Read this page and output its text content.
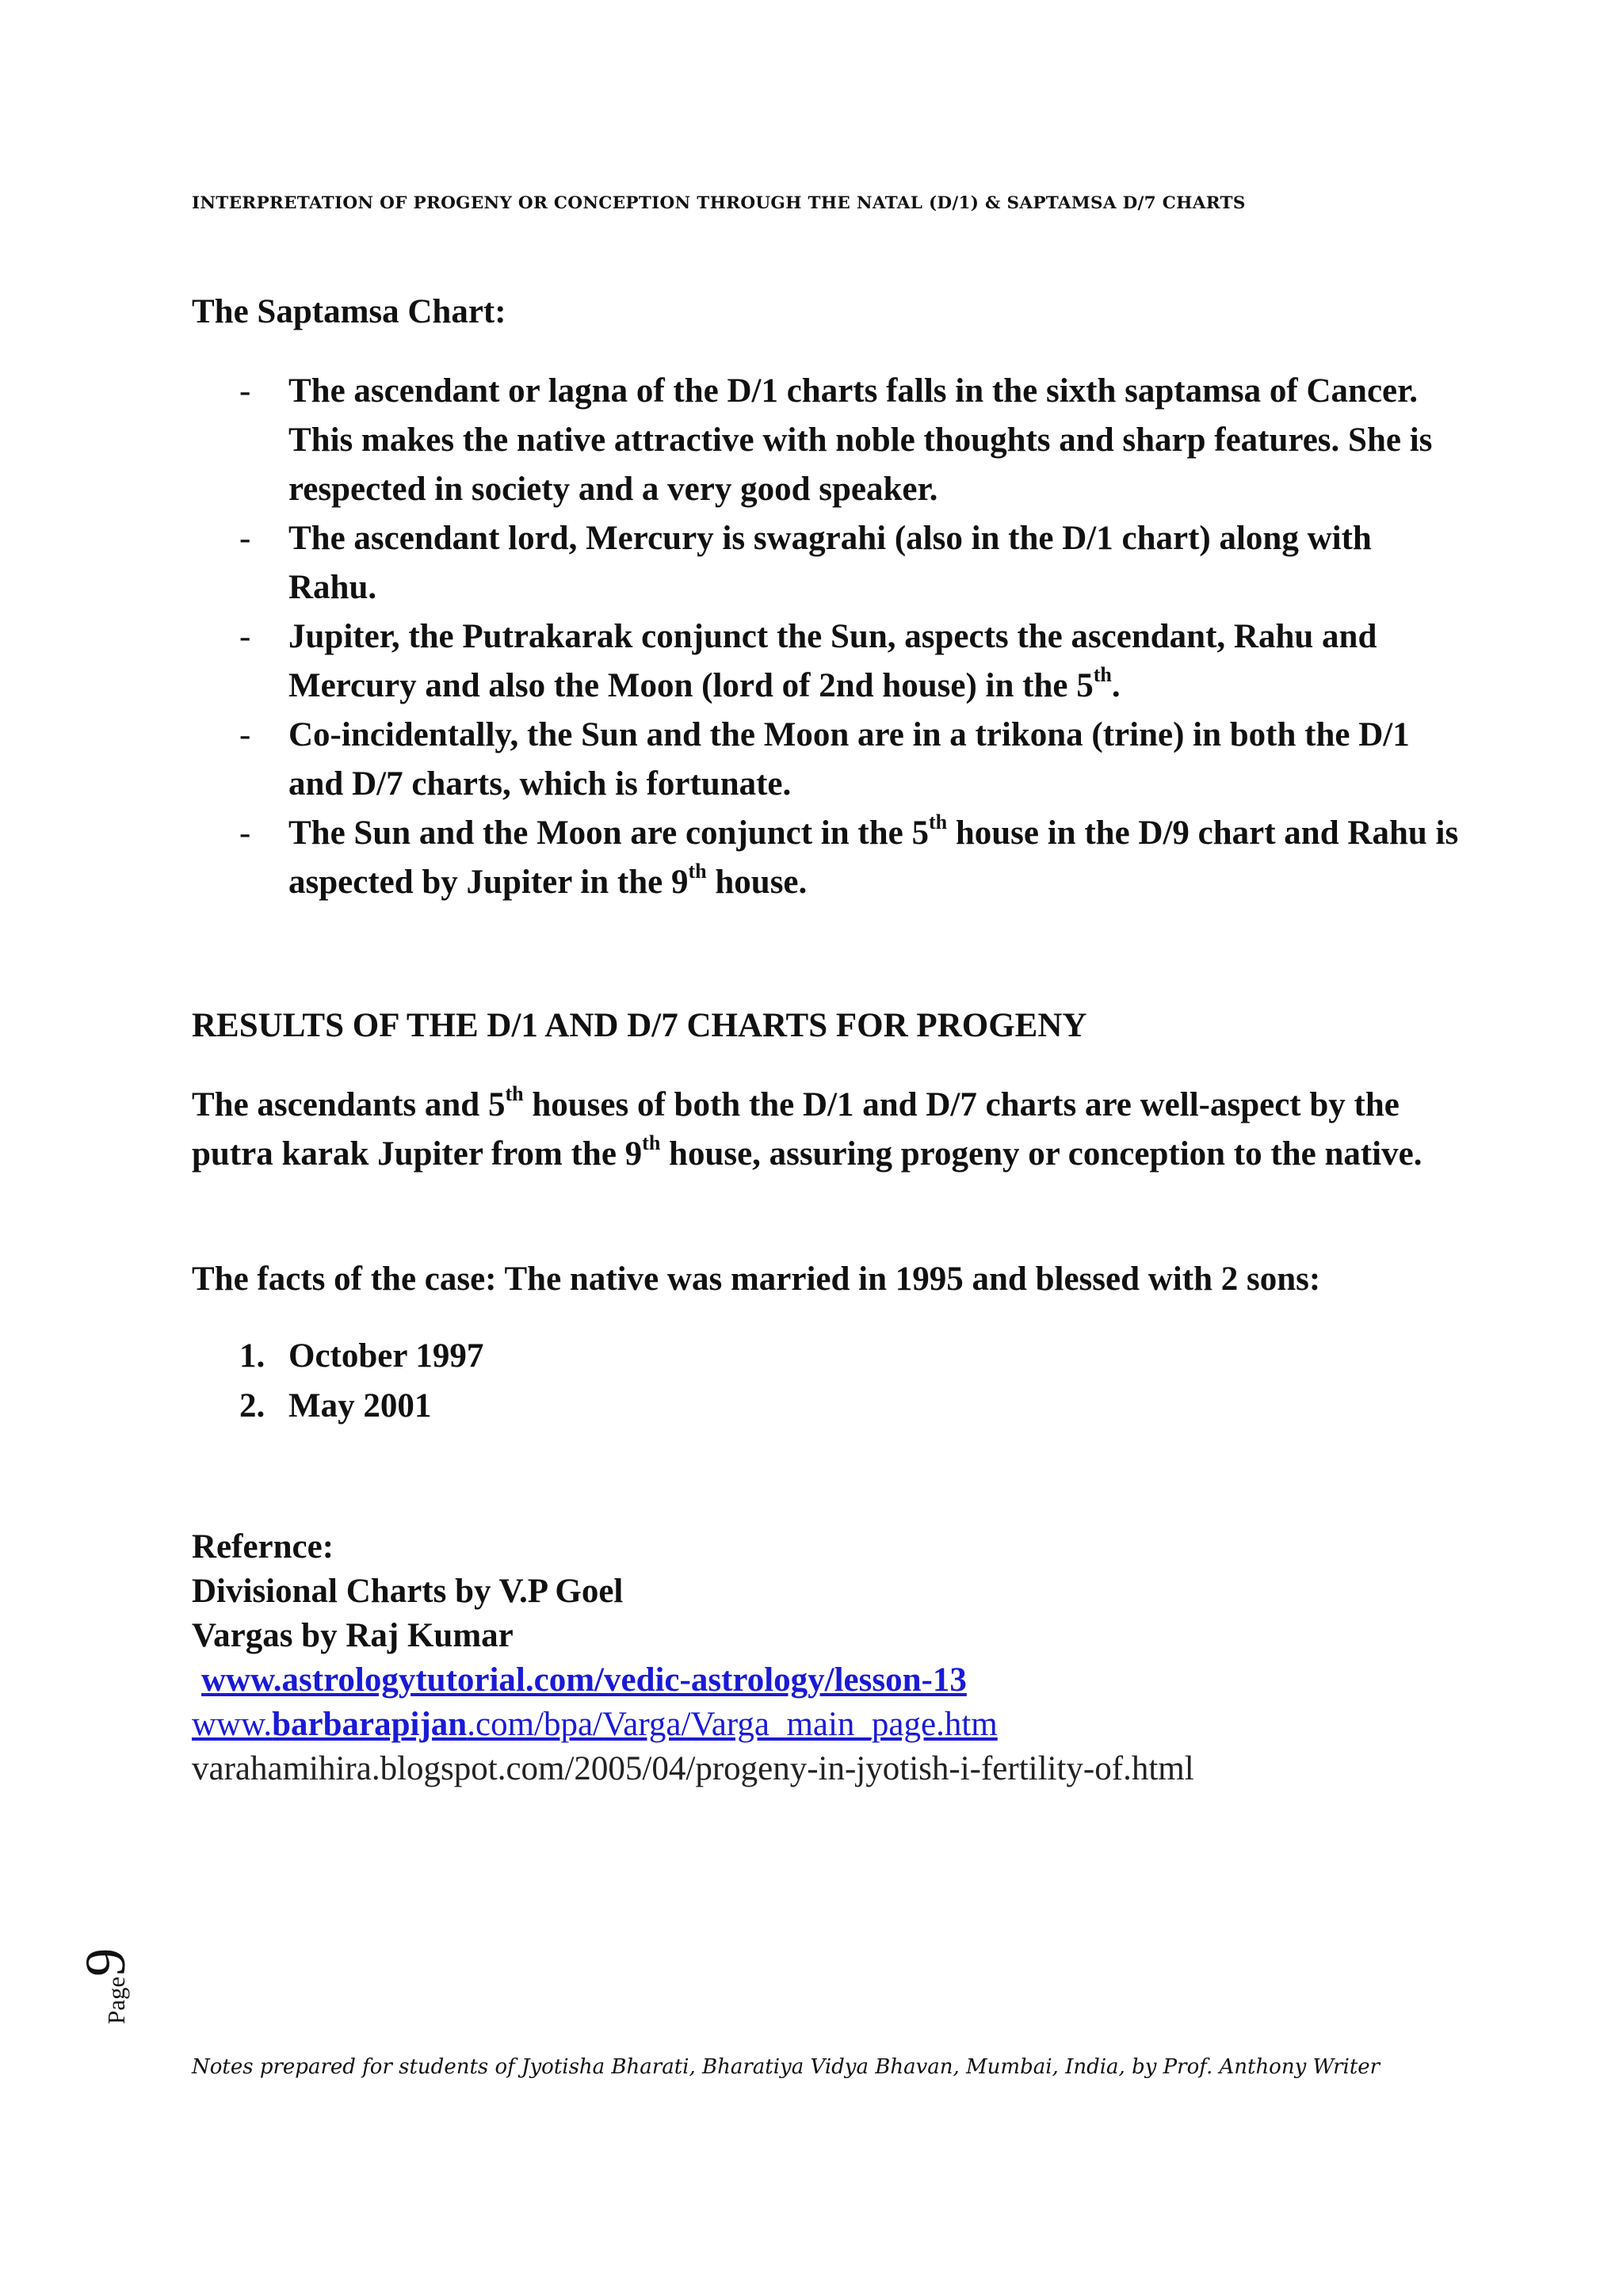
INTERPRETATION OF PROGENY OR CONCEPTION THROUGH THE NATAL (D/1) & SAPTAMSA D/7 CHARTS
The Saptamsa Chart:
- The ascendant or lagna of the D/1 charts falls in the sixth saptamsa of Cancer. This makes the native attractive with noble thoughts and sharp features. She is respected in society and a very good speaker.
- The ascendant lord, Mercury is swagrahi (also in the D/1 chart) along with Rahu.
- Jupiter, the Putrakarak conjunct the Sun, aspects the ascendant, Rahu and Mercury and also the Moon (lord of 2nd house) in the 5th.
- Co-incidentally, the Sun and the Moon are in a trikona (trine) in both the D/1 and D/7 charts, which is fortunate.
- The Sun and the Moon are conjunct in the 5th house in the D/9 chart and Rahu is aspected by Jupiter in the 9th house.
RESULTS OF THE D/1 AND D/7 CHARTS FOR PROGENY
The ascendants and 5th houses of both the D/1 and D/7 charts are well-aspect by the putra karak Jupiter from the 9th house, assuring progeny or conception to the native.
The facts of the case: The native was married in 1995 and blessed with 2 sons:
1. October 1997
2. May 2001
Refernce:
Divisional Charts by V.P Goel
Vargas by Raj Kumar
www.astrologytutorial.com/vedic-astrology/lesson-13
www.barbarapijan.com/bpa/Varga/Varga_main_page.htm
varahamihira.blogspot.com/2005/04/progeny-in-jyotish-i-fertility-of.html
Page9
Notes prepared for students of Jyotisha Bharati, Bharatiya Vidya Bhavan, Mumbai, India, by Prof. Anthony Writer
